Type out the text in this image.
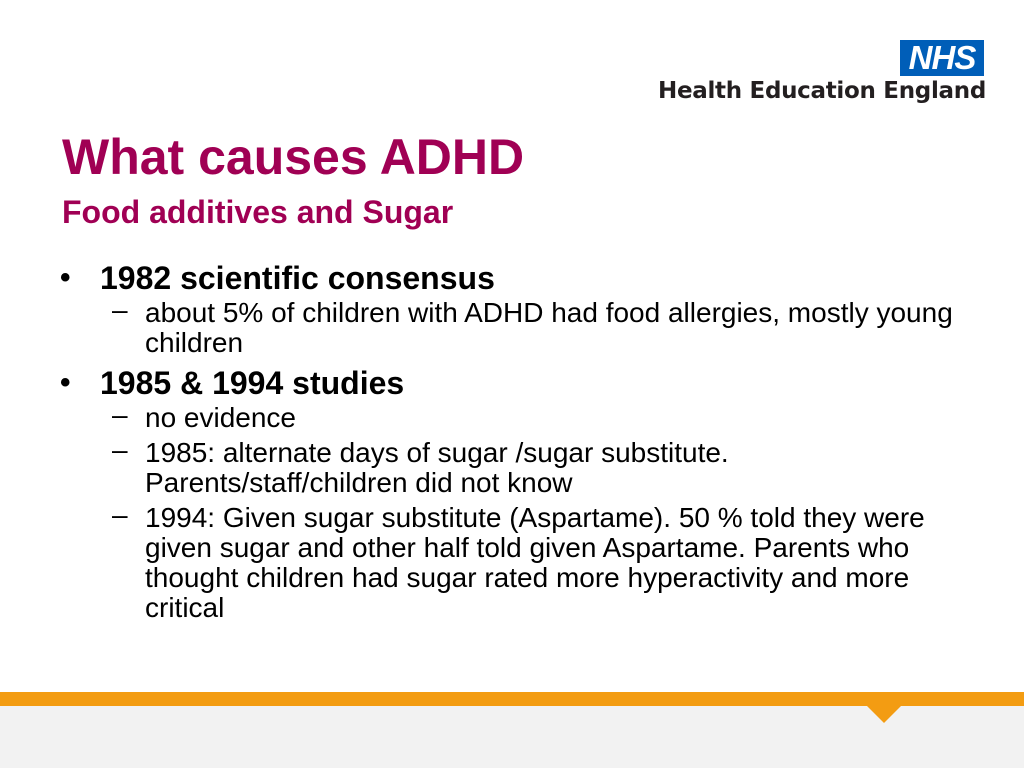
NHS
Health Education England
What causes ADHD
Food additives and Sugar
• 1982 scientific consensus
– about 5% of children with ADHD had food allergies, mostly young children
• 1985 & 1994 studies
– no evidence
– 1985: alternate days of sugar /sugar substitute. Parents/staff/children did not know
– 1994: Given sugar substitute (Aspartame). 50 % told they were given sugar and other half told given Aspartame. Parents who thought children had sugar rated more hyperactivity and more critical
